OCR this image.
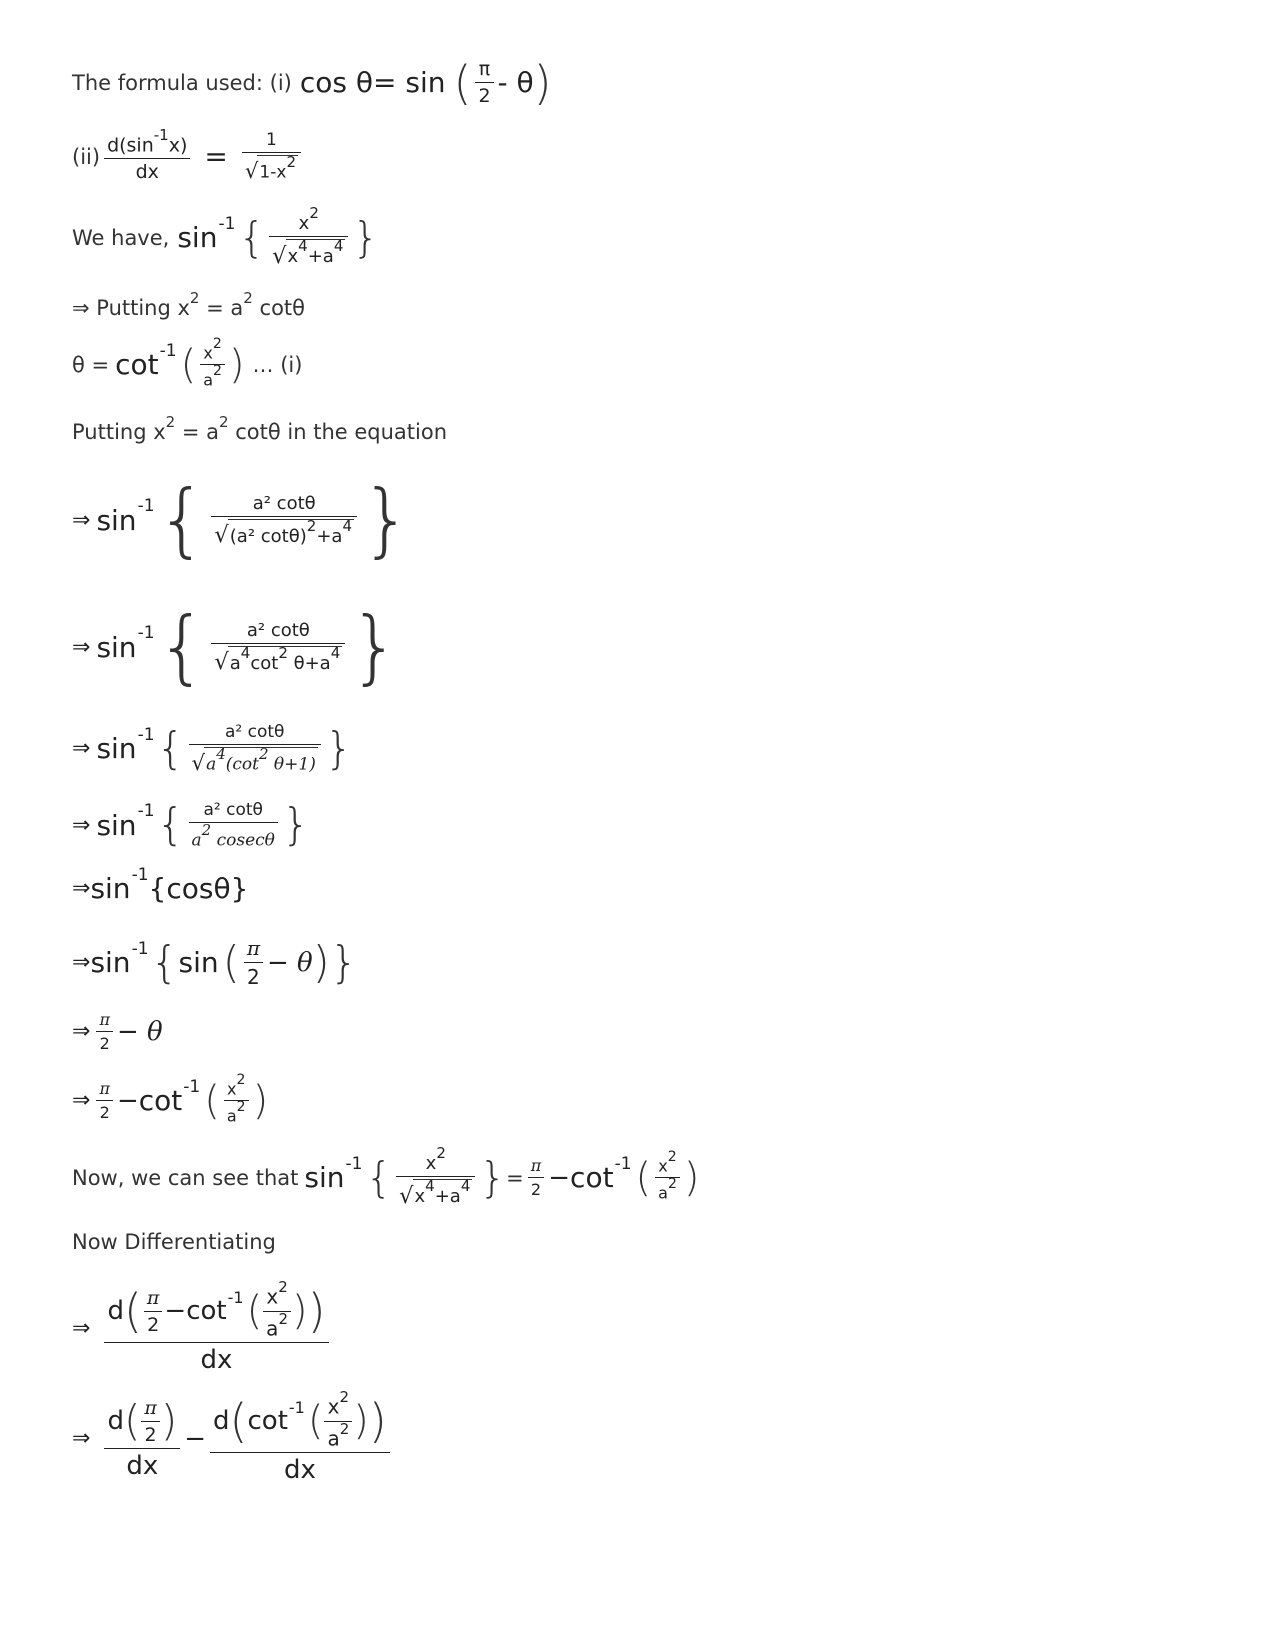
The formula used: (i) cos θ= sin ( $\frac{\pi}{2}$ - θ )
$(ii) \frac{d(\sin^{-1}x)}{dx} = \frac{1}{√ 1-x2}$
We have, sin -1 { $\frac{x^2}{√ x^4+a^4}$ }
⇒ Putting $x^2 = a^2$ cotθ
θ = cot -1 ( $\frac{x2}{a2}$ ) … (i)
Putting $x^2 = a^2$ cotθ in the equation
⇒ sin -1 { $\frac{\text{a² cotθ}}{√ (a^2 \cot\theta)^2+a^4}$ }
⇒ sin -1 { $\frac{\text{a² cotθ}}{√ a^4\cot^2 \theta+a^4}$ }
⇒ sin -1 { $\frac{\text{a² cotθ}}{√ a4(\cot 2 \theta+1)}$ }
⇒ sin -1 { $\frac{\text{a² cotθ}}{a2 cosec\theta}$ }
⇒ sin -1 {cosθ}
⇒ sin -1 { sin ( $\frac{\pi}{2} - \theta$ ) }
⇒ $\frac{\pi}{2} - \theta$
⇒ $\frac{\pi}{2} - \cot -1$ ( $\frac{x2}{a2}$ )
Now, we can see that sin -1 { $\frac{x^2}{√ x^4+a^4}$ } = $\frac{\pi}{2} - \cot -1$ ( $\frac{x2}{a2}$ )
Now Differentiating
⇒
d ( $\frac{\pi}{2} - \cot -1$ ( $\frac{x^2}{a^2}$ ) )
dx
⇒ $\frac{d ( \frac{\pi}{2} )}{dx}$ −
d ( cot -1 ( $\frac{x^2}{a^2}$ ) )
dx
